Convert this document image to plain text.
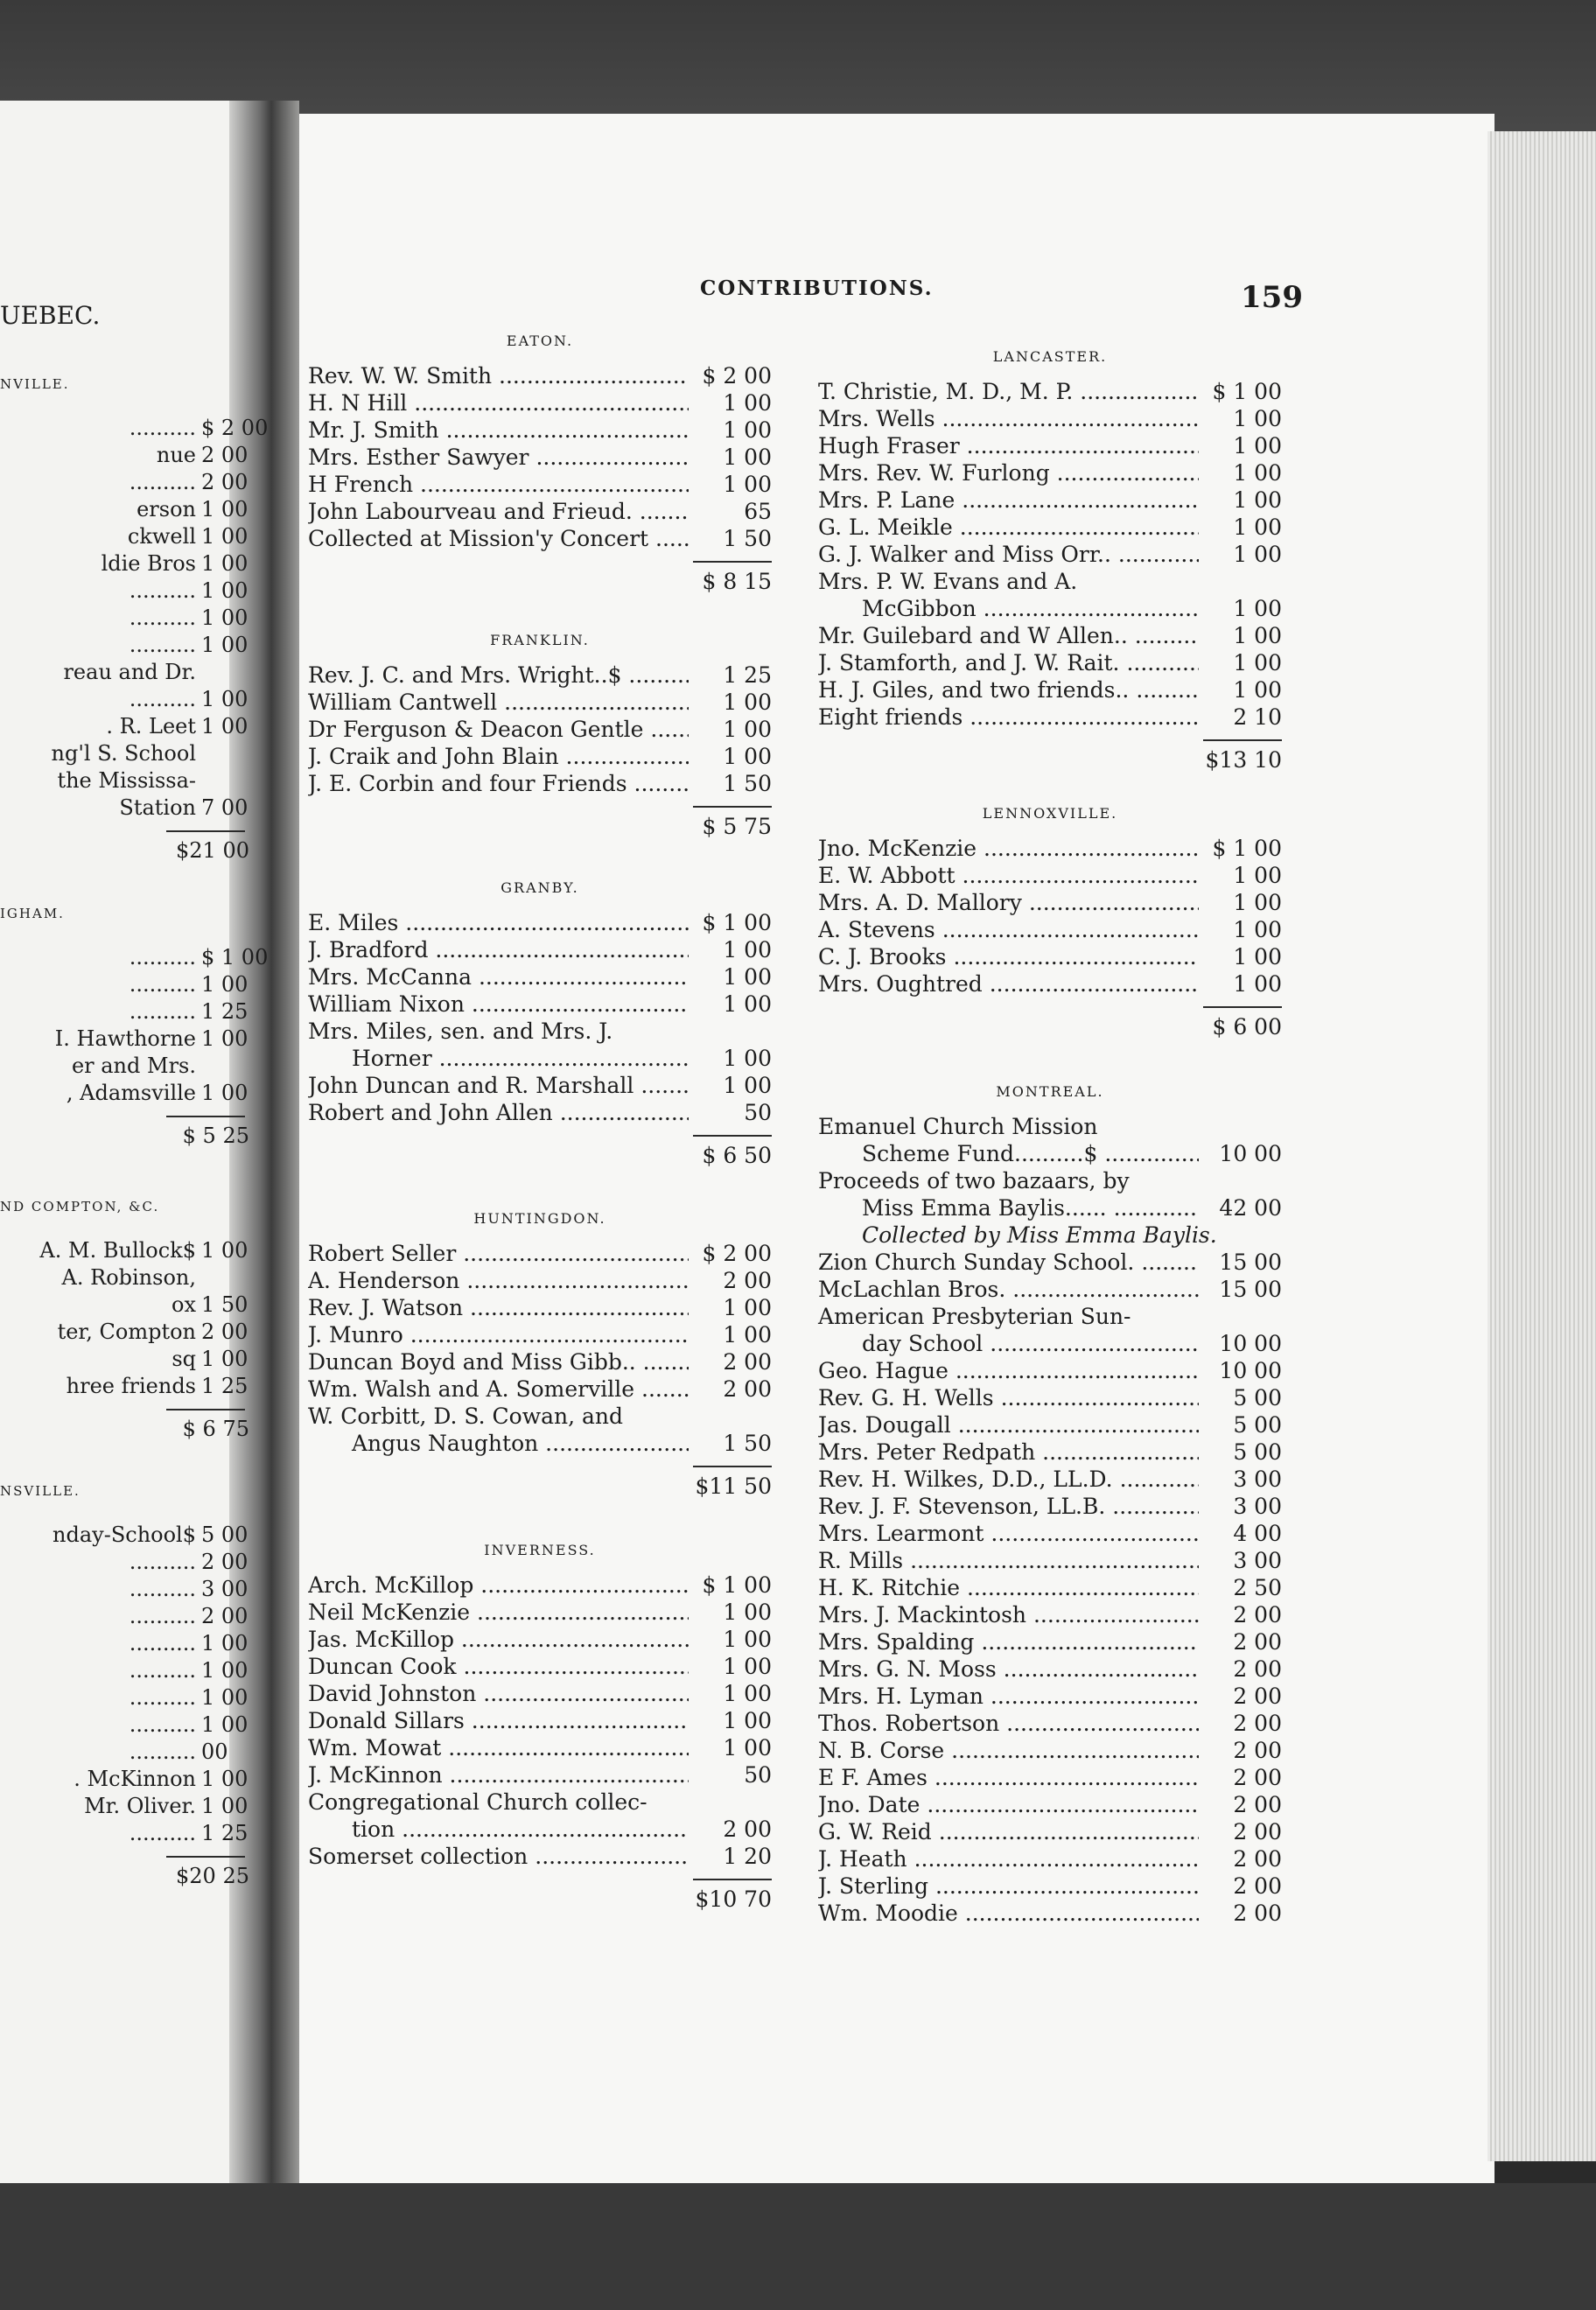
UEBEC.
CONTRIBUTIONS.	159
NVILLE.
.......... $ 2 00
nue 2 00
.......... 2 00
erson 1 00
ckwell 1 00
ldie Bros 1 00
.......... 1 00
.......... 1 00
.......... 1 00
reau and Dr.
.......... 1 00
. R. Leet 1 00
ng'l S. School
the Mississa-
Station 7 00
$21 00
IGHAM.
.......... $ 1 00
.......... 1 00
.......... 1 25
I. Hawthorne 1 00
er and Mrs.
, Adamsville 1 00
$ 5 25
ND COMPTON, &C.
A. M. Bullock$ 1 00
A. Robinson,
ox 1 50
ter, Compton 2 00
sq 1 00
hree friends 1 25
$ 6 75
NSVILLE.
nday-School$ 5 00
.......... 2 00
.......... 3 00
.......... 2 00
.......... 1 00
.......... 1 00
.......... 1 00
.......... 1 00
.......... 00
. McKinnon 1 00
Mr. Oliver. 1 00
.......... 1 25
$20 25
EATON.
Rev. W. W. Smith .....	$ 2 00
H. N Hill .....	1 00
Mr. J. Smith .....	1 00
Mrs. Esther Sawyer .....	1 00
H French .....	1 00
John Labourveau and Frieud. .....	65
Collected at Mission'y Concert .....	1 50
$ 8 15
FRANKLIN.
Rev. J. C. and Mrs. Wright..$ .....	1 25
William Cantwell .....	1 00
Dr Ferguson & Deacon Gentle .....	1 00
J. Craik and John Blain .....	1 00
J. E. Corbin and four Friends .....	1 50
$ 5 75
GRANBY.
E. Miles .....	$ 1 00
J. Bradford .....	1 00
Mrs. McCanna .....	1 00
William Nixon .....	1 00
Mrs. Miles, sen. and Mrs. J.
Horner .....	1 00
John Duncan and R. Marshall .....	1 00
Robert and John Allen .....	50
$ 6 50
HUNTINGDON.
Robert Seller .....	$ 2 00
A. Henderson .....	2 00
Rev. J. Watson .....	1 00
J. Munro .....	1 00
Duncan Boyd and Miss Gibb.. .....	2 00
Wm. Walsh and A. Somerville .....	2 00
W. Corbitt, D. S. Cowan, and
Angus Naughton .....	1 50
$11 50
INVERNESS.
Arch. McKillop .....	$ 1 00
Neil McKenzie .....	1 00
Jas. McKillop .....	1 00
Duncan Cook .....	1 00
David Johnston .....	1 00
Donald Sillars .....	1 00
Wm. Mowat .....	1 00
J. McKinnon .....	50
Congregational Church collec-
tion .....	2 00
Somerset collection .....	1 20
$10 70
LANCASTER.
T. Christie, M. D., M. P. .....	$ 1 00
Mrs. Wells .....	1 00
Hugh Fraser .....	1 00
Mrs. Rev. W. Furlong .....	1 00
Mrs. P. Lane .....	1 00
G. L. Meikle .....	1 00
G. J. Walker and Miss Orr.. .....	1 00
Mrs. P. W. Evans and A.
McGibbon .....	1 00
Mr. Guilebard and W Allen.. .....	1 00
J. Stamforth, and J. W. Rait. .....	1 00
H. J. Giles, and two friends.. .....	1 00
Eight friends .....	2 10
$13 10
LENNOXVILLE.
Jno. McKenzie .....	$ 1 00
E. W. Abbott .....	1 00
Mrs. A. D. Mallory .....	1 00
A. Stevens .....	1 00
C. J. Brooks .....	1 00
Mrs. Oughtred .....	1 00
$ 6 00
MONTREAL.
Emanuel Church Mission
Scheme Fund..........$ .....	10 00
Proceeds of two bazaars, by
Miss Emma Baylis...... .....	42 00
Collected by Miss Emma Baylis.
Zion Church Sunday School. .....	15 00
McLachlan Bros. .....	15 00
American Presbyterian Sun-
day School .....	10 00
Geo. Hague .....	10 00
Rev. G. H. Wells .....	5 00
Jas. Dougall .....	5 00
Mrs. Peter Redpath .....	5 00
Rev. H. Wilkes, D.D., LL.D. .....	3 00
Rev. J. F. Stevenson, LL.B. .....	3 00
Mrs. Learmont .....	4 00
R. Mills .....	3 00
H. K. Ritchie .....	2 50
Mrs. J. Mackintosh .....	2 00
Mrs. Spalding .....	2 00
Mrs. G. N. Moss .....	2 00
Mrs. H. Lyman .....	2 00
Thos. Robertson .....	2 00
N. B. Corse .....	2 00
E F. Ames .....	2 00
Jno. Date .....	2 00
G. W. Reid .....	2 00
J. Heath .....	2 00
J. Sterling .....	2 00
Wm. Moodie .....	2 00
